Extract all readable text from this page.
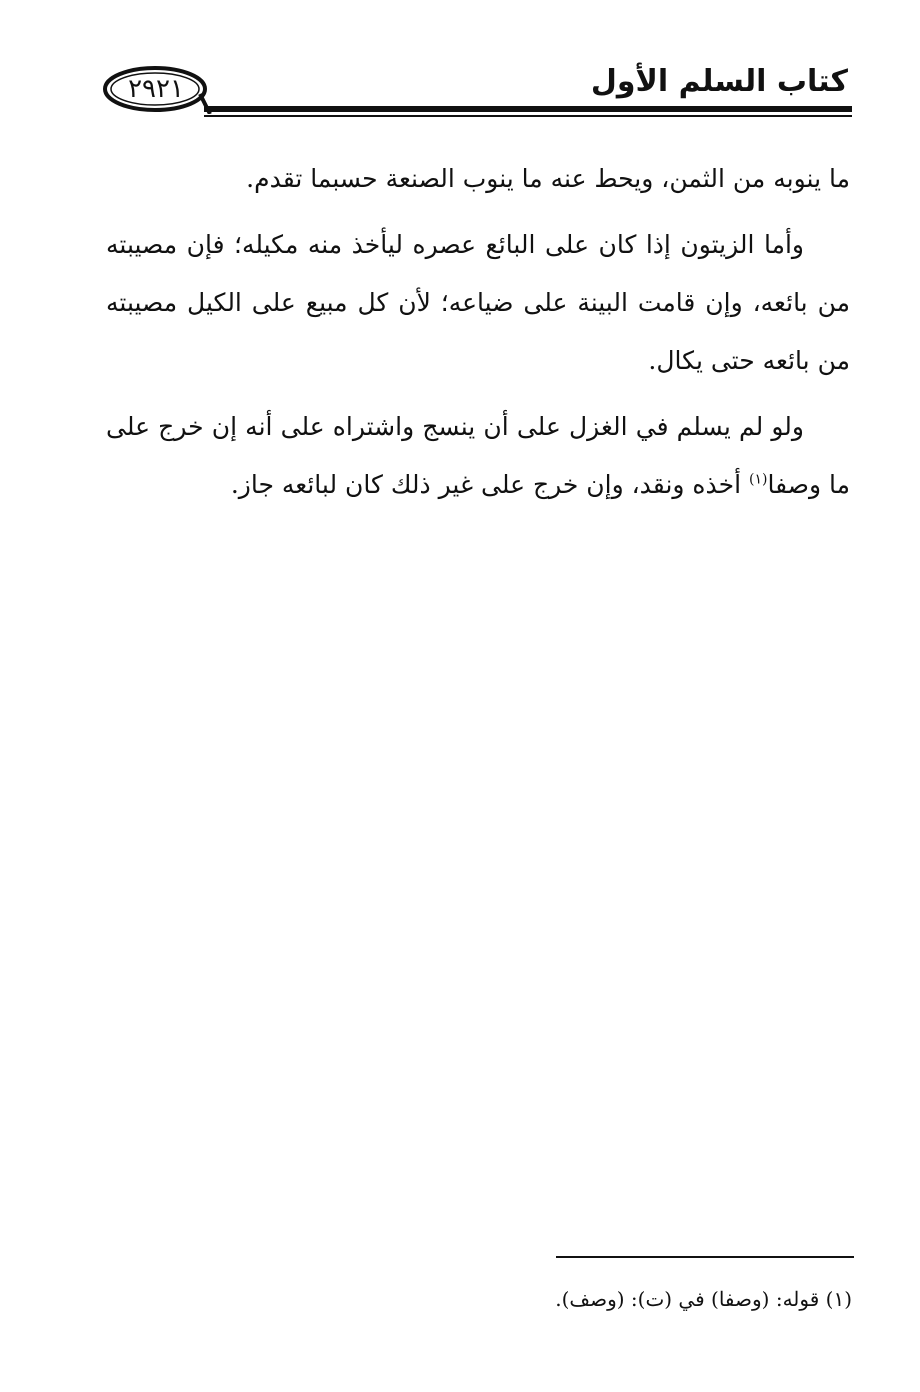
كتاب السلم الأول
٢٩٢١

ما ينوبه من الثمن، ويحط عنه ما ينوب الصنعة حسبما تقدم.

وأما الزيتون إذا كان على البائع عصره ليأخذ منه مكيله؛ فإن مصيبته من بائعه، وإن قامت البينة على ضياعه؛ لأن كل مبيع على الكيل مصيبته من بائعه حتى يكال.

ولو لم يسلم في الغزل على أن ينسج واشتراه على أنه إن خرج على ما وصفا$^{(١)}$ أخذه ونقد، وإن خرج على غير ذلك كان لبائعه جاز.

(١) قوله: (وصفا) في (ت): (وصف).
